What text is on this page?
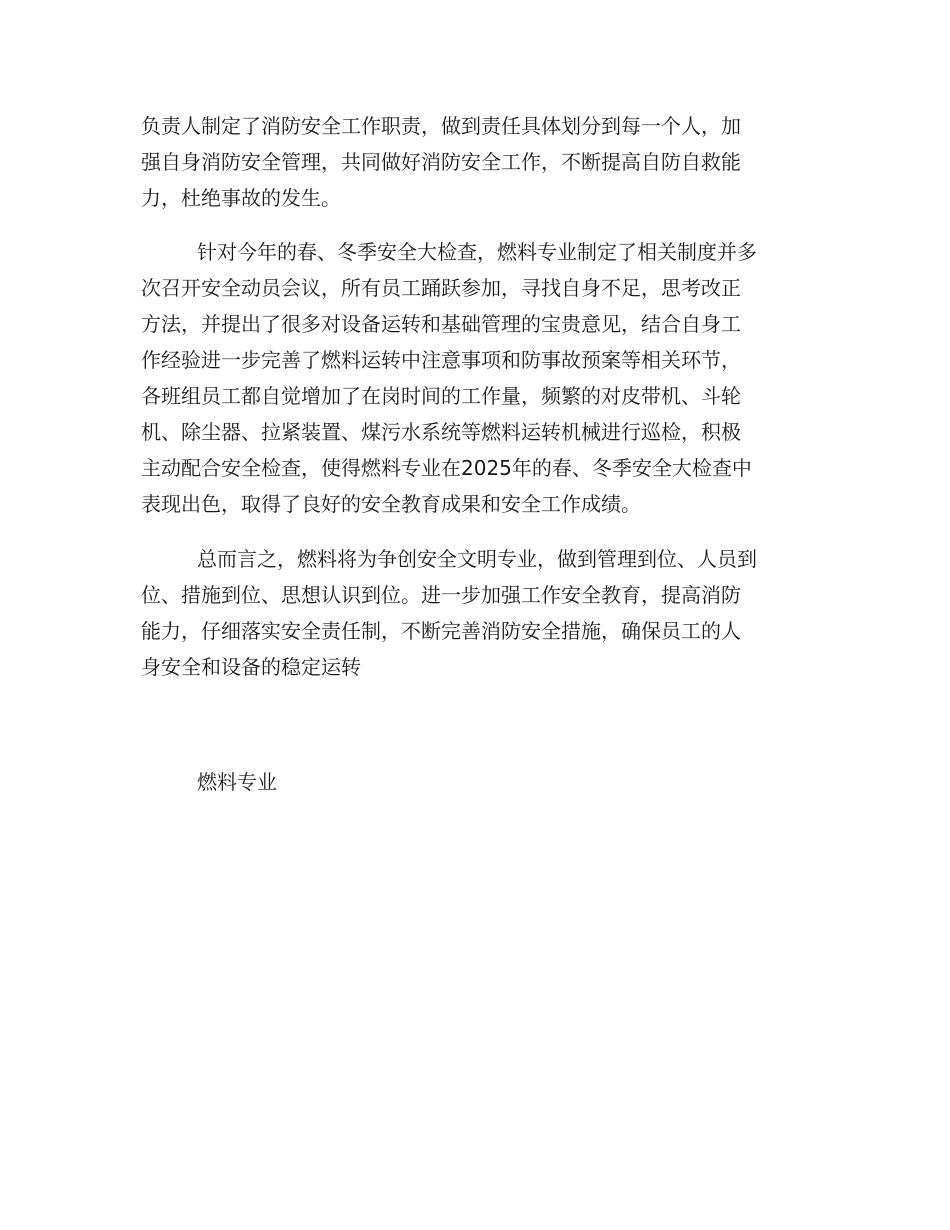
负责人制定了消防安全工作职责，做到责任具体划分到每一个人，加

强自身消防安全管理，共同做好消防安全工作，不断提高自防自救能

力，杜绝事故的发生。

针对今年的春、冬季安全大检查，燃料专业制定了相关制度并多

次召开安全动员会议，所有员工踊跃参加，寻找自身不足，思考改正

方法，并提出了很多对设备运转和基础管理的宝贵意见，结合自身工

作经验进一步完善了燃料运转中注意事项和防事故预案等相关环节，

各班组员工都自觉增加了在岗时间的工作量，频繁的对皮带机、斗轮

机、除尘器、拉紧装置、煤污水系统等燃料运转机械进行巡检，积极

主动配合安全检查，使得燃料专业在2025年的春、冬季安全大检查中

表现出色，取得了良好的安全教育成果和安全工作成绩。

总而言之，燃料将为争创安全文明专业，做到管理到位、人员到

位、措施到位、思想认识到位。进一步加强工作安全教育，提高消防

能力，仔细落实安全责任制，不断完善消防安全措施，确保员工的人

身安全和设备的稳定运转

燃料专业
